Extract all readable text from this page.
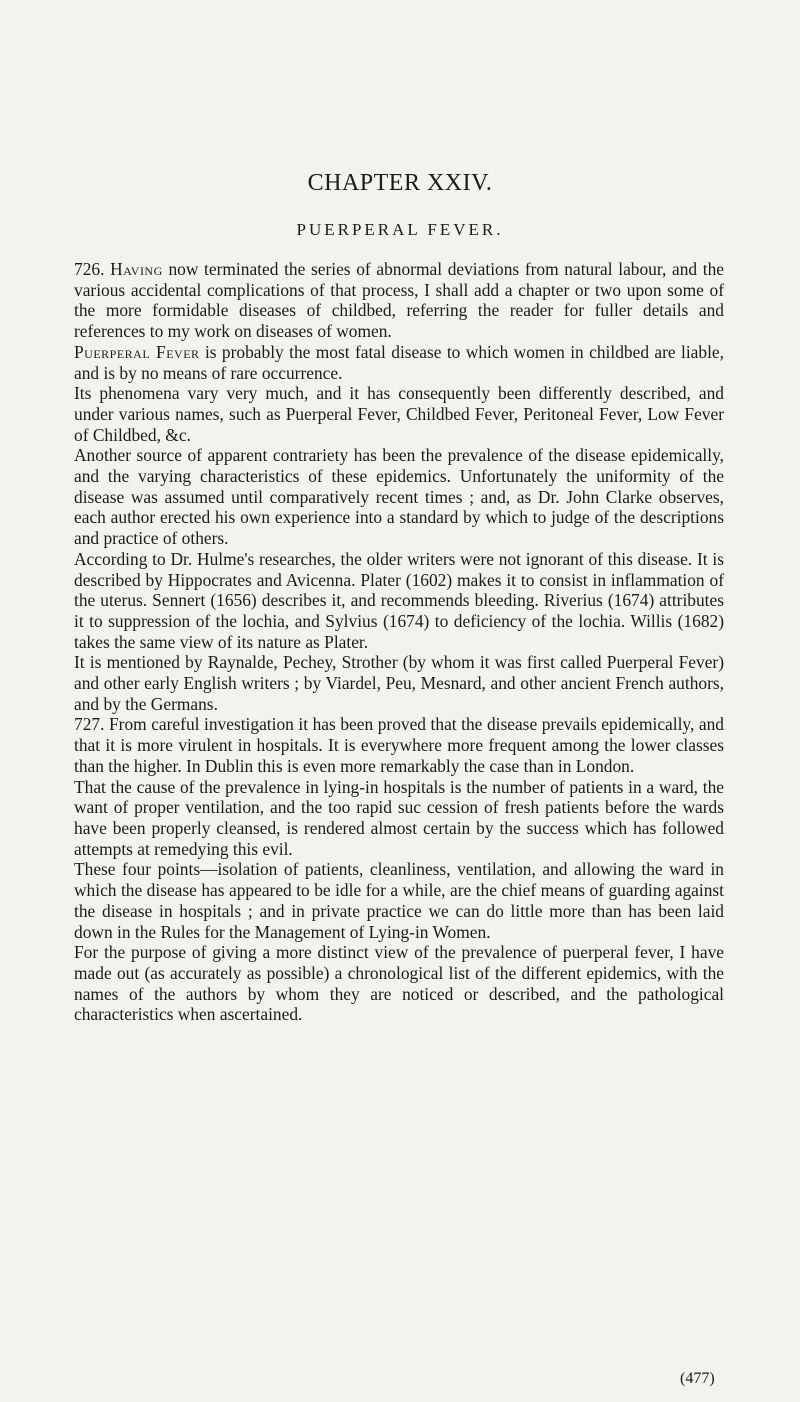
CHAPTER XXIV.
PUERPERAL FEVER.

726. Having now terminated the series of abnormal deviations from natural labour, and the various accidental complications of that process, I shall add a chapter or two upon some of the more formidable diseases of childbed, referring the reader for fuller details and references to my work on diseases of women.

Puerperal Fever is probably the most fatal disease to which women in childbed are liable, and is by no means of rare occurrence.

Its phenomena vary very much, and it has consequently been differently described, and under various names, such as Puerperal Fever, Childbed Fever, Peritoneal Fever, Low Fever of Childbed, &c.

Another source of apparent contrariety has been the prevalence of the disease epidemically, and the varying characteristics of these epidemics. Unfortunately the uniformity of the disease was assumed until comparatively recent times ; and, as Dr. John Clarke observes, each author erected his own experience into a standard by which to judge of the descriptions and practice of others.

According to Dr. Hulme's researches, the older writers were not ignorant of this disease. It is described by Hippocrates and Avicenna. Plater (1602) makes it to consist in inflammation of the uterus. Sennert (1656) describes it, and recommends bleeding. Riverius (1674) attributes it to suppression of the lochia, and Sylvius (1674) to deficiency of the lochia. Willis (1682) takes the same view of its nature as Plater.

It is mentioned by Raynalde, Pechey, Strother (by whom it was first called Puerperal Fever) and other early English writers ; by Viardel, Peu, Mesnard, and other ancient French authors, and by the Germans.

727. From careful investigation it has been proved that the disease prevails epidemically, and that it is more virulent in hospitals. It is everywhere more frequent among the lower classes than the higher. In Dublin this is even more remarkably the case than in London.

That the cause of the prevalence in lying-in hospitals is the number of patients in a ward, the want of proper ventilation, and the too rapid suc cession of fresh patients before the wards have been properly cleansed, is rendered almost certain by the success which has followed attempts at remedying this evil.

These four points—isolation of patients, cleanliness, ventilation, and allowing the ward in which the disease has appeared to be idle for a while, are the chief means of guarding against the disease in hospitals ; and in private practice we can do little more than has been laid down in the Rules for the Management of Lying-in Women.

For the purpose of giving a more distinct view of the prevalence of puerperal fever, I have made out (as accurately as possible) a chronological list of the different epidemics, with the names of the authors by whom they are noticed or described, and the pathological characteristics when ascertained.

(477)
